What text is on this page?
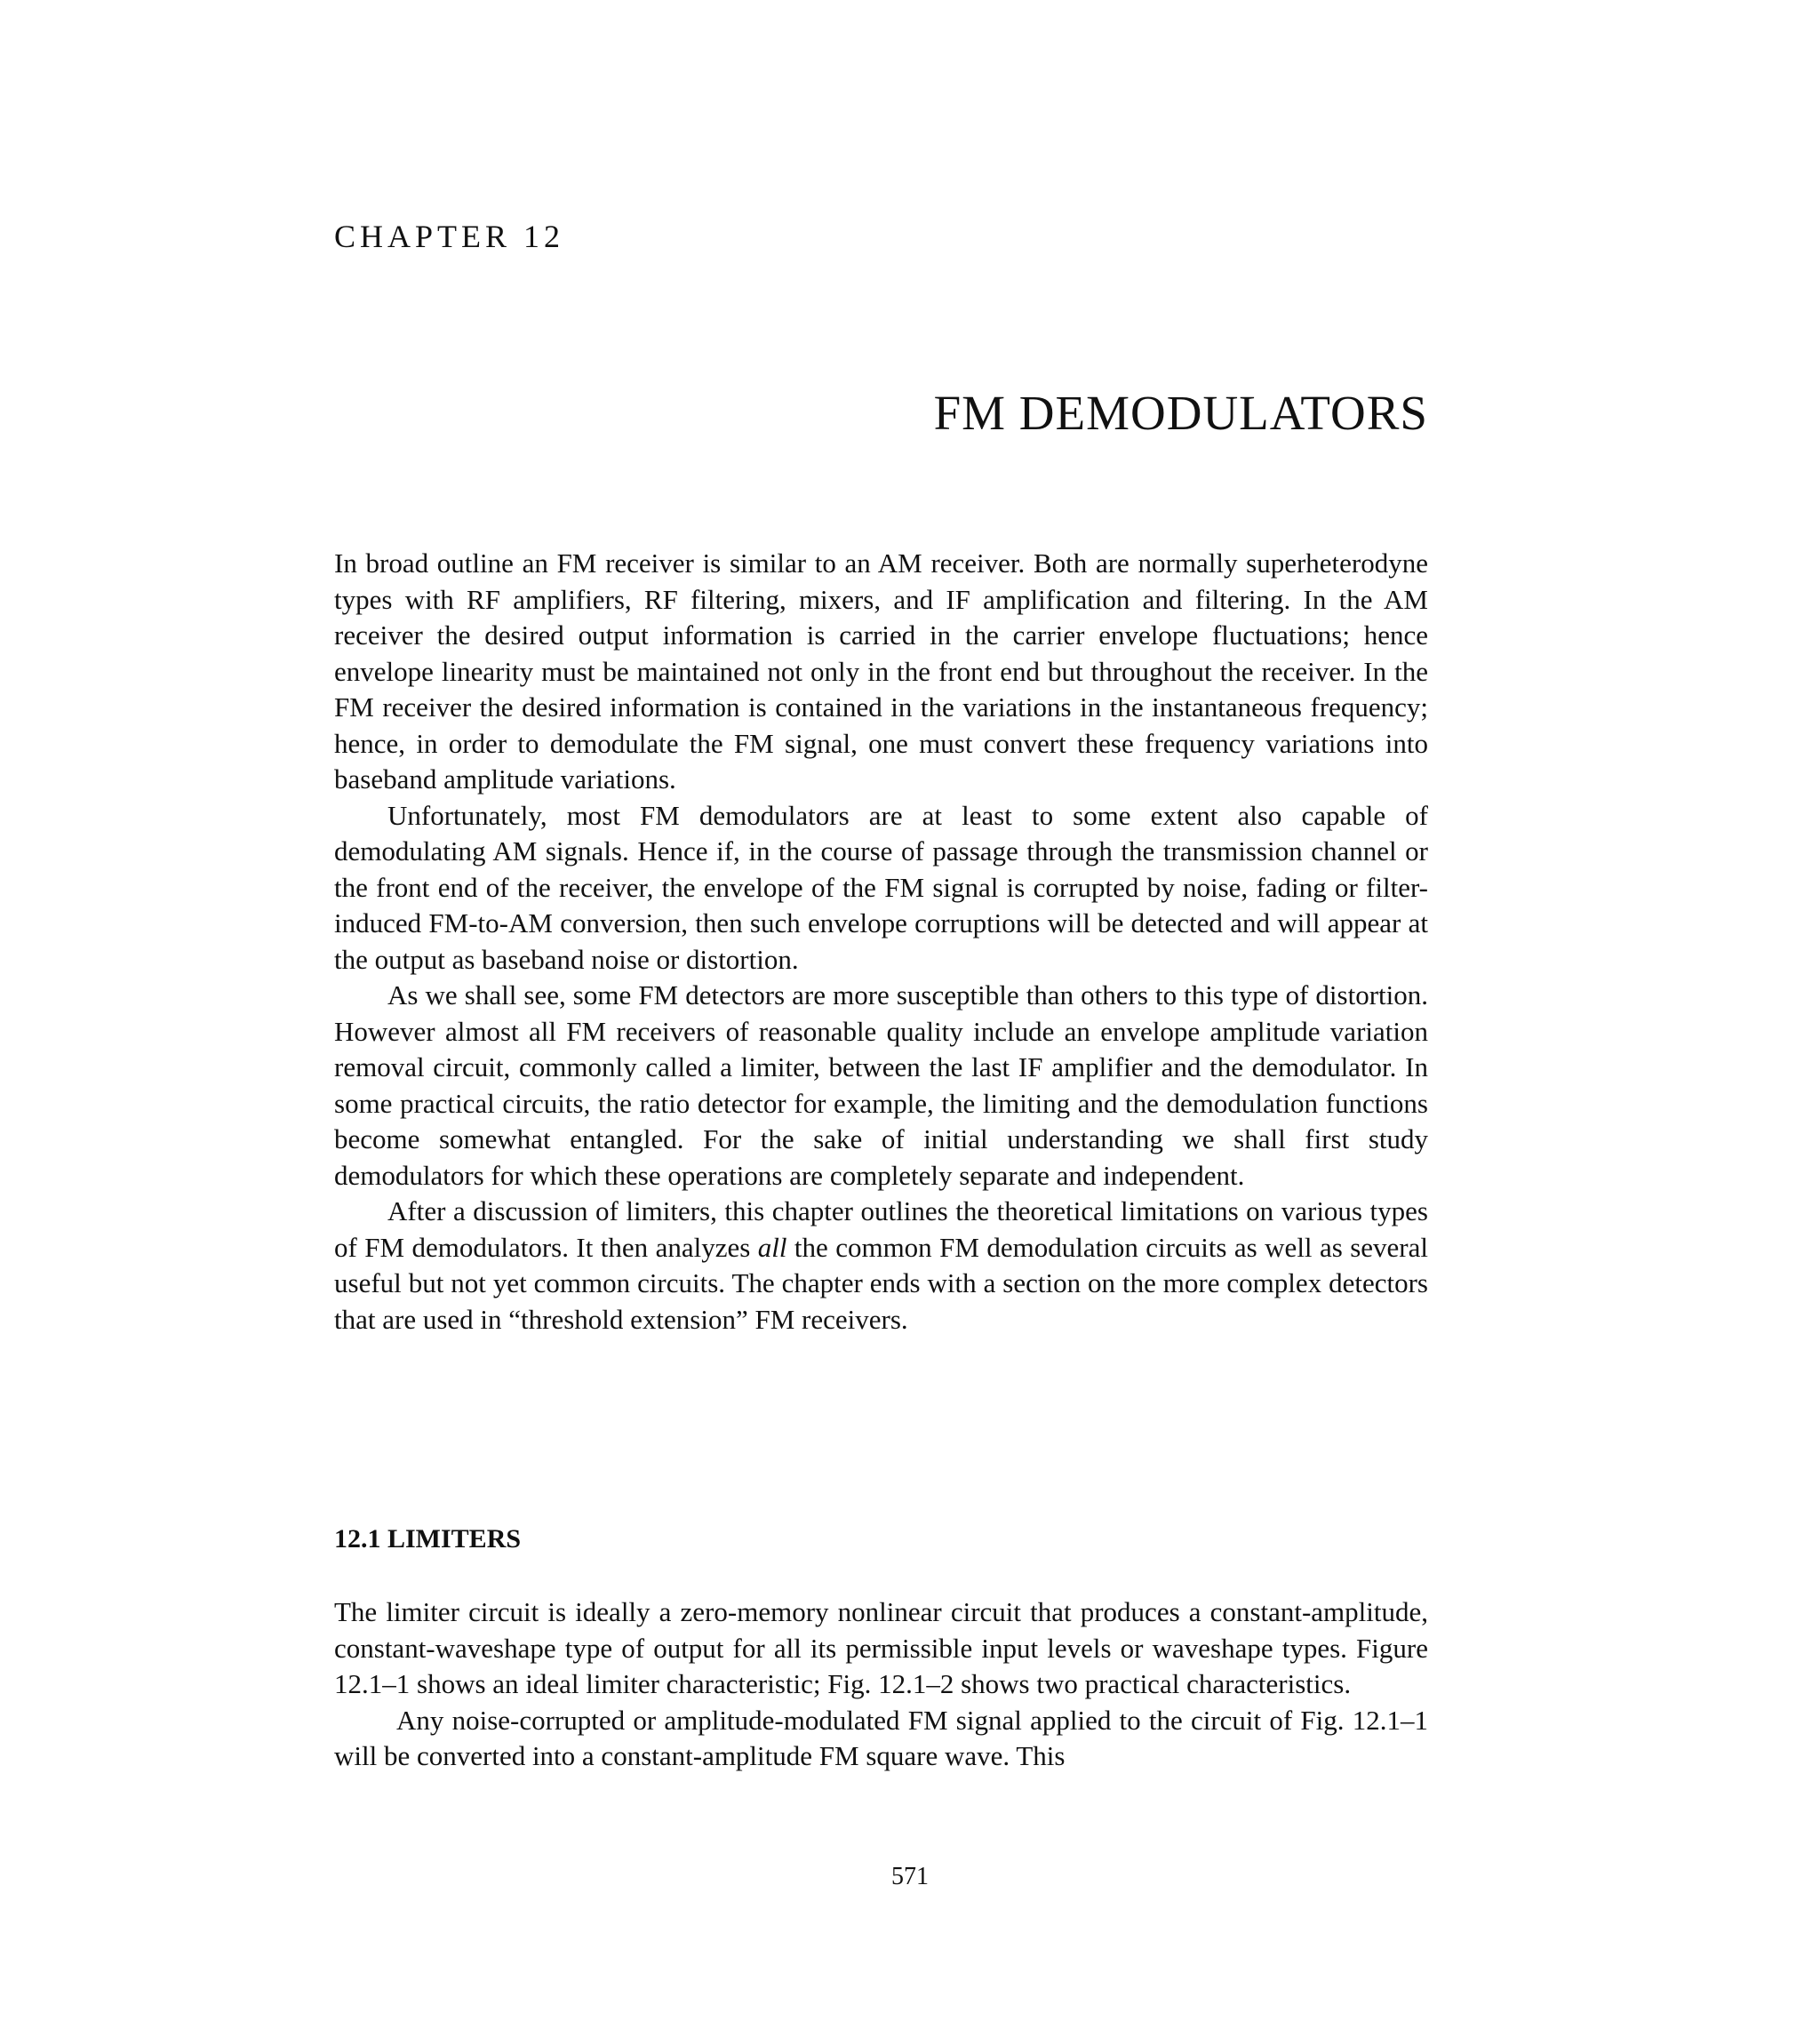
CHAPTER 12
FM DEMODULATORS

In broad outline an FM receiver is similar to an AM receiver. Both are normally superheterodyne types with RF amplifiers, RF filtering, mixers, and IF amplification and filtering. In the AM receiver the desired output information is carried in the carrier envelope fluctuations; hence envelope linearity must be maintained not only in the front end but throughout the receiver. In the FM receiver the desired information is contained in the variations in the instantaneous frequency; hence, in order to demodulate the FM signal, one must convert these frequency variations into baseband amplitude variations.

Unfortunately, most FM demodulators are at least to some extent also capable of demodulating AM signals. Hence if, in the course of passage through the transmission channel or the front end of the receiver, the envelope of the FM signal is corrupted by noise, fading or filter-induced FM-to-AM conversion, then such envelope corruptions will be detected and will appear at the output as baseband noise or distortion.

As we shall see, some FM detectors are more susceptible than others to this type of distortion. However almost all FM receivers of reasonable quality include an envelope amplitude variation removal circuit, commonly called a limiter, between the last IF amplifier and the demodulator. In some practical circuits, the ratio detector for example, the limiting and the demodulation functions become somewhat entangled. For the sake of initial understanding we shall first study demodulators for which these operations are completely separate and independent.

After a discussion of limiters, this chapter outlines the theoretical limitations on various types of FM demodulators. It then analyzes all the common FM demodulation circuits as well as several useful but not yet common circuits. The chapter ends with a section on the more complex detectors that are used in “threshold extension” FM receivers.

12.1 LIMITERS

The limiter circuit is ideally a zero-memory nonlinear circuit that produces a constant-amplitude, constant-waveshape type of output for all its permissible input levels or waveshape types. Figure 12.1–1 shows an ideal limiter characteristic; Fig. 12.1–2 shows two practical characteristics.

Any noise-corrupted or amplitude-modulated FM signal applied to the circuit of Fig. 12.1–1 will be converted into a constant-amplitude FM square wave. This

571
